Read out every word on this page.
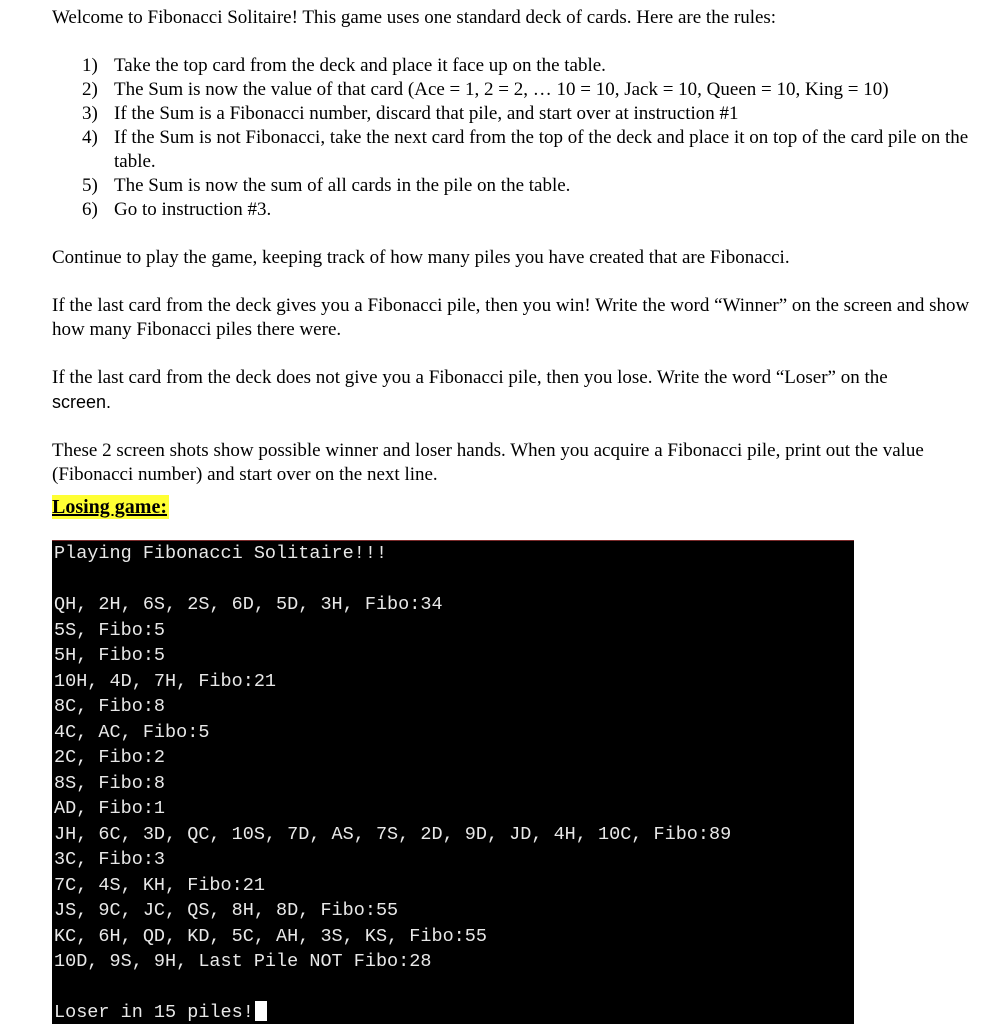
Welcome to Fibonacci Solitaire! This game uses one standard deck of cards. Here are the rules:

1) Take the top card from the deck and place it face up on the table.
2) The Sum is now the value of that card (Ace = 1, 2 = 2, … 10 = 10, Jack = 10, Queen = 10, King = 10)
3) If the Sum is a Fibonacci number, discard that pile, and start over at instruction #1
4) If the Sum is not Fibonacci, take the next card from the top of the deck and place it on top of the card pile on the table.
5) The Sum is now the sum of all cards in the pile on the table.
6) Go to instruction #3.

Continue to play the game, keeping track of how many piles you have created that are Fibonacci.

If the last card from the deck gives you a Fibonacci pile, then you win! Write the word “Winner” on the screen and show how many Fibonacci piles there were.

If the last card from the deck does not give you a Fibonacci pile, then you lose. Write the word “Loser” on the
screen.

These 2 screen shots show possible winner and loser hands. When you acquire a Fibonacci pile, print out the value (Fibonacci number) and start over on the next line.

Losing game:
Playing Fibonacci Solitaire!!!
QH, 2H, 6S, 2S, 6D, 5D, 3H, Fibo:34
5S, Fibo:5
5H, Fibo:5
10H, 4D, 7H, Fibo:21
8C, Fibo:8
4C, AC, Fibo:5
2C, Fibo:2
8S, Fibo:8
AD, Fibo:1
JH, 6C, 3D, QC, 10S, 7D, AS, 7S, 2D, 9D, JD, 4H, 10C, Fibo:89
3C, Fibo:3
7C, 4S, KH, Fibo:21
JS, 9C, JC, QS, 8H, 8D, Fibo:55
KC, 6H, QD, KD, 5C, AH, 3S, KS, Fibo:55
10D, 9S, 9H, Last Pile NOT Fibo:28
Loser in 15 piles!
